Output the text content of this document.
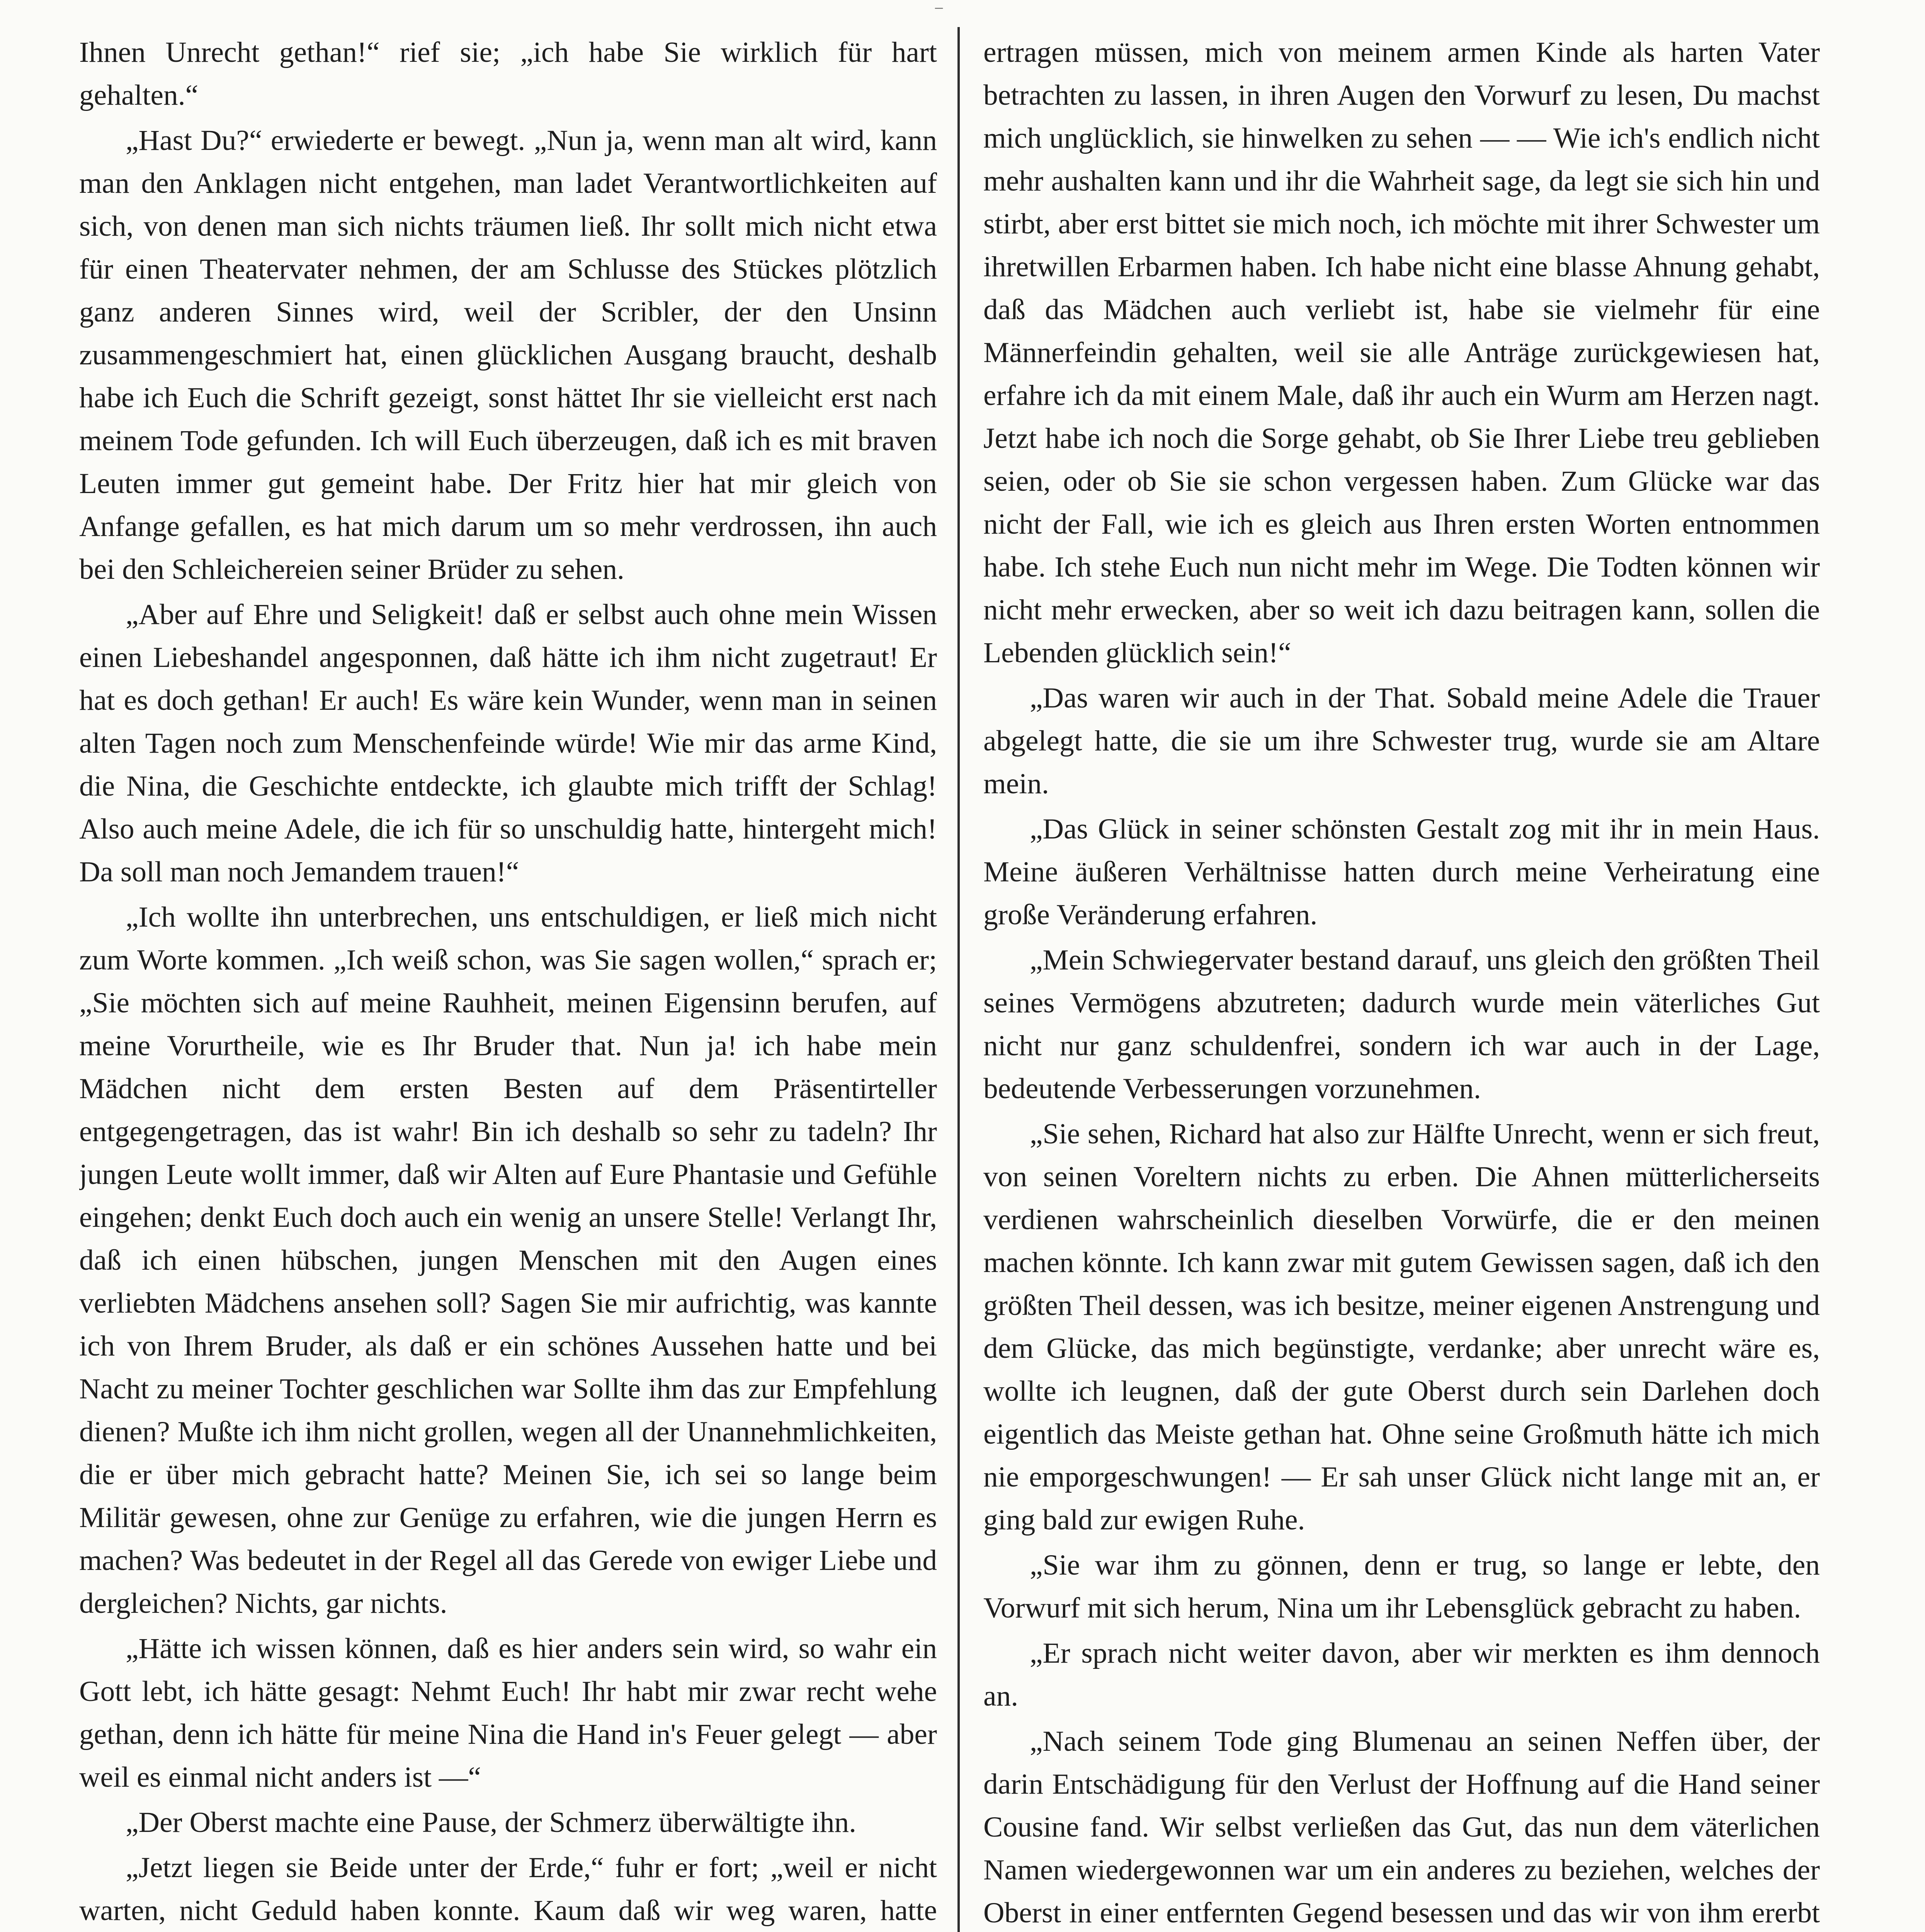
–

Ihnen Unrecht gethan!“ rief sie; „ich habe Sie wirklich für hart gehalten.“

„Hast Du?“ erwiederte er bewegt. „Nun ja, wenn man alt wird, kann man den Anklagen nicht entgehen, man ladet Verantwortlichkeiten auf sich, von denen man sich nichts träumen ließ. Ihr sollt mich nicht etwa für einen Theatervater nehmen, der am Schlusse des Stückes plötzlich ganz anderen Sinnes wird, weil der Scribler, der den Unsinn zusammengeschmiert hat, einen glücklichen Ausgang braucht, deshalb habe ich Euch die Schrift gezeigt, sonst hättet Ihr sie vielleicht erst nach meinem Tode gefunden. Ich will Euch überzeugen, daß ich es mit braven Leuten immer gut gemeint habe. Der Fritz hier hat mir gleich von Anfange gefallen, es hat mich darum um so mehr verdrossen, ihn auch bei den Schleichereien seiner Brüder zu sehen.

„Aber auf Ehre und Seligkeit! daß er selbst auch ohne mein Wissen einen Liebeshandel angesponnen, daß hätte ich ihm nicht zugetraut! Er hat es doch gethan! Er auch! Es wäre kein Wunder, wenn man in seinen alten Tagen noch zum Menschenfeinde würde! Wie mir das arme Kind, die Nina, die Geschichte entdeckte, ich glaubte mich trifft der Schlag! Also auch meine Adele, die ich für so unschuldig hatte, hintergeht mich! Da soll man noch Jemandem trauen!“

„Ich wollte ihn unterbrechen, uns entschuldigen, er ließ mich nicht zum Worte kommen. „Ich weiß schon, was Sie sagen wollen,“ sprach er; „Sie möchten sich auf meine Rauhheit, meinen Eigensinn berufen, auf meine Vorurtheile, wie es Ihr Bruder that. Nun ja! ich habe mein Mädchen nicht dem ersten Besten auf dem Präsentirteller entgegengetragen, das ist wahr! Bin ich deshalb so sehr zu tadeln? Ihr jungen Leute wollt immer, daß wir Alten auf Eure Phantasie und Gefühle eingehen; denkt Euch doch auch ein wenig an unsere Stelle! Verlangt Ihr, daß ich einen hübschen, jungen Menschen mit den Augen eines verliebten Mädchens ansehen soll? Sagen Sie mir aufrichtig, was kannte ich von Ihrem Bruder, als daß er ein schönes Aussehen hatte und bei Nacht zu meiner Tochter geschlichen war Sollte ihm das zur Empfehlung dienen? Mußte ich ihm nicht grollen, wegen all der Unannehmlichkeiten, die er über mich gebracht hatte? Meinen Sie, ich sei so lange beim Militär gewesen, ohne zur Genüge zu erfahren, wie die jungen Herrn es machen? Was bedeutet in der Regel all das Gerede von ewiger Liebe und dergleichen? Nichts, gar nichts.

„Hätte ich wissen können, daß es hier anders sein wird, so wahr ein Gott lebt, ich hätte gesagt: Nehmt Euch! Ihr habt mir zwar recht wehe gethan, denn ich hätte für meine Nina die Hand in's Feuer gelegt — aber weil es einmal nicht anders ist —“

„Der Oberst machte eine Pause, der Schmerz überwältigte ihn.

„Jetzt liegen sie Beide unter der Erde,“ fuhr er fort; „weil er nicht warten, nicht Geduld haben konnte. Kaum daß wir weg waren, hatte

ertragen müssen, mich von meinem armen Kinde als harten Vater betrachten zu lassen, in ihren Augen den Vorwurf zu lesen, Du machst mich unglücklich, sie hinwelken zu sehen — — Wie ich's endlich nicht mehr aushalten kann und ihr die Wahrheit sage, da legt sie sich hin und stirbt, aber erst bittet sie mich noch, ich möchte mit ihrer Schwester um ihretwillen Erbarmen haben. Ich habe nicht eine blasse Ahnung gehabt, daß das Mädchen auch verliebt ist, habe sie vielmehr für eine Männerfeindin gehalten, weil sie alle Anträge zurückgewiesen hat, erfahre ich da mit einem Male, daß ihr auch ein Wurm am Herzen nagt. Jetzt habe ich noch die Sorge gehabt, ob Sie Ihrer Liebe treu geblieben seien, oder ob Sie sie schon vergessen haben. Zum Glücke war das nicht der Fall, wie ich es gleich aus Ihren ersten Worten entnommen habe. Ich stehe Euch nun nicht mehr im Wege. Die Todten können wir nicht mehr erwecken, aber so weit ich dazu beitragen kann, sollen die Lebenden glücklich sein!“

„Das waren wir auch in der That. Sobald meine Adele die Trauer abgelegt hatte, die sie um ihre Schwester trug, wurde sie am Altare mein.

„Das Glück in seiner schönsten Gestalt zog mit ihr in mein Haus. Meine äußeren Verhältnisse hatten durch meine Verheiratung eine große Veränderung erfahren.

„Mein Schwiegervater bestand darauf, uns gleich den größten Theil seines Vermögens abzutreten; dadurch wurde mein väterliches Gut nicht nur ganz schuldenfrei, sondern ich war auch in der Lage, bedeutende Verbesserungen vorzunehmen.

„Sie sehen, Richard hat also zur Hälfte Unrecht, wenn er sich freut, von seinen Voreltern nichts zu erben. Die Ahnen mütterlicherseits verdienen wahrscheinlich dieselben Vorwürfe, die er den meinen machen könnte. Ich kann zwar mit gutem Gewissen sagen, daß ich den größten Theil dessen, was ich besitze, meiner eigenen Anstrengung und dem Glücke, das mich begünstigte, verdanke; aber unrecht wäre es, wollte ich leugnen, daß der gute Oberst durch sein Darlehen doch eigentlich das Meiste gethan hat. Ohne seine Großmuth hätte ich mich nie emporgeschwungen! — Er sah unser Glück nicht lange mit an, er ging bald zur ewigen Ruhe.

„Sie war ihm zu gönnen, denn er trug, so lange er lebte, den Vorwurf mit sich herum, Nina um ihr Lebensglück gebracht zu haben.

„Er sprach nicht weiter davon, aber wir merkten es ihm dennoch an.

„Nach seinem Tode ging Blumenau an seinen Neffen über, der darin Entschädigung für den Verlust der Hoffnung auf die Hand seiner Cousine fand. Wir selbst verließen das Gut, das nun dem väterlichen Namen wiedergewonnen war um ein anderes zu beziehen, welches der Oberst in einer entfernten Gegend besessen und das wir von ihm ererbt
